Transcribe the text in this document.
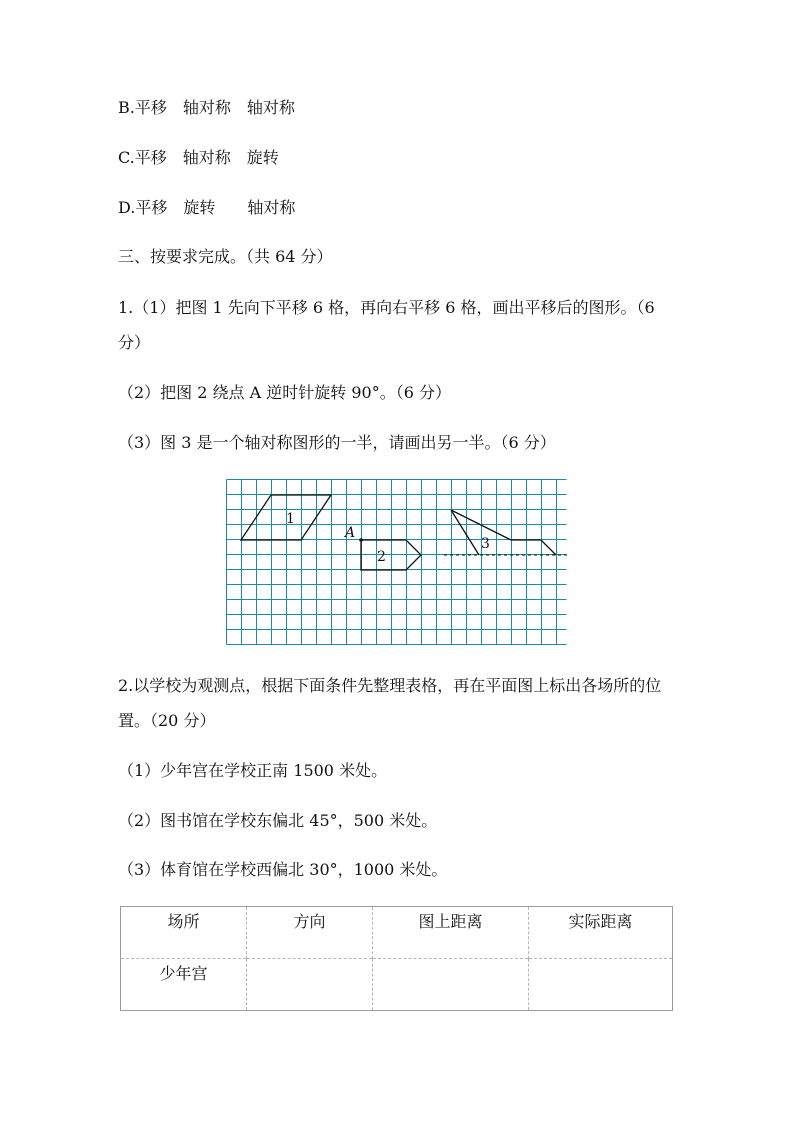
B.平移　轴对称　轴对称
C.平移　轴对称　旋转
D.平移　旋转　　轴对称
三、按要求完成。（共 64 分）
1.（1）把图 1 先向下平移 6 格，再向右平移 6 格，画出平移后的图形。（6 分）
（2）把图 2 绕点 A 逆时针旋转 90°。（6 分）
（3）图 3 是一个轴对称图形的一半，请画出另一半。（6 分）
1
A
2
3
2.以学校为观测点，根据下面条件先整理表格，再在平面图上标出各场所的位置。（20 分）
（1）少年宫在学校正南 1500 米处。
（2）图书馆在学校东偏北 45°，500 米处。
（3）体育馆在学校西偏北 30°，1000 米处。
场所	方向	图上距离	实际距离
少年宫			
